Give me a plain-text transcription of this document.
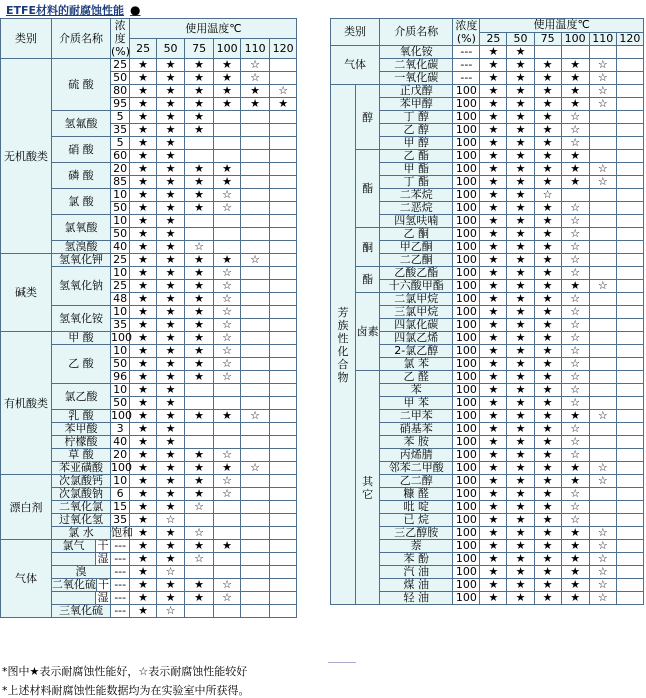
ETFE材料的耐腐蚀性能 ●
类别	介质名称	浓度 (%)	使用温度℃					
			25	50	75	100	110	120
无机酸类	硫 酸	25	★	★	★	★	☆	
		50	★	★	★	★	☆	
		80	★	★	★	★	★	☆
		95	★	★	★	★	★	★
	氢氟酸	5	★	★	★			
		35	★	★	★			
	硝 酸	5	★	★				
		60	★	★				
	磷 酸	20	★	★	★	★		
		85	★	★	★	★		
	氯 酸	10	★	★	★	☆		
		50	★	★	★	☆		
	氯氧酸	10	★	★				
		50	★	★				
	氢溴酸	40	★	★	☆			
碱类	氢氧化钾	25	★	★	★	★	☆	
	氢氧化钠	10	★	★	★	☆		
		25	★	★	★	☆		
		48	★	★	★	☆		
	氢氧化铵	10	★	★	★	☆		
		35	★	★	★	☆		
有机酸类	甲 酸	100	★	★	★	☆		
	乙 酸	10	★	★	★	☆		
		50	★	★	★	☆		
		96	★	★	★	☆		
	氯乙酸	10	★	★				
		50	★	★				
	乳 酸	100	★	★	★	★	☆	
	苯甲酸	3	★	★				
	柠檬酸	40	★	★				
	草 酸	20	★	★	★	☆		
	苯亚磺酸	100	★	★	★	★	☆	
漂白剂	次氯酸钙	10	★	★	★	☆		
	次氯酸钠	6	★	★	★	☆		
	二氧化氯	15	★	★	☆			
	过氧化氢	35	★	☆				
	氯 水	饱和	★	★	☆			
气体	氯气 干	---	★	★	★	★		

	湿	---	★	★	☆			
	溴	---	★	☆				

	二氧化硫 干	---	★	★	★	☆		

	湿	---	★	★	★	☆		
	三氧化硫	---	★	☆				
类别		介质名称	浓度 (%)	使用温度℃					
				25	50	75	100	110	120
气体		氧化铵	---	★	★				
		二氧化碳	---	★	★	★	★	☆	
		一氧化碳	---	★	★	★	★	☆	
芳 族 性 化 合 物	醇	正戊醇	100	★	★	★	★	☆	
		苯甲醇	100	★	★	★	★	☆	
		丁 醇	100	★	★	★	☆		
		乙 醇	100	★	★	★	☆		
		甲 醇	100	★	★	★	☆		
	酯	乙 酯	100	★	★	★	★		
		甲 酯	100	★	★	★	★	☆	
		丁 酯	100	★	★	★	★	☆	
		二苯烷	100	★	★	☆			
		二恶烷	100	★	★	★	☆		
		四氢呋喃	100	★	★	★	☆		
	酮	乙 酮	100	★	★	★	☆		
		甲乙酮	100	★	★	★	☆		
		二乙酮	100	★	★	★	☆		
	酯	乙酸乙酯	100	★	★	★	☆		
		十六酸甲酯	100	★	★	★	★	☆	
	卤素	二氯甲烷	100	★	★	★	☆		
		三氯甲烷	100	★	★	★	☆		
		四氯化碳	100	★	★	★	☆		
		四氯乙烯	100	★	★	★	☆		
		2-氯乙醇	100	★	★	★	☆		
		氯 苯	100	★	★	★	☆		
	其 它	乙 醛	100	★	★	★	☆		
		苯	100	★	★	★	☆		
		甲 苯	100	★	★	★	☆		
		二甲苯	100	★	★	★	★	☆	
		硝基苯	100	★	★	★	☆		
		苯 胺	100	★	★	★	☆		
		丙烯腈	100	★	★	★	☆		
		邻苯二甲酸	100	★	★	★	★	☆	
		乙二醇	100	★	★	★	★	☆	
		糠 醛	100	★	★	★	☆		
		吡 啶	100	★	★	★	☆		
		已 烷	100	★	★	★	☆		
		三乙醇胺	100	★	★	★	★	☆	
		萘	100	★	★	★	★	☆	
		苯 酚	100	★	★	★	★	☆	
		汽 油	100	★	★	★	★	☆	
		煤 油	100	★	★	★	★	☆	
		轻 油	100	★	★	★	★	☆	
*图中★表示耐腐蚀性能好，☆表示耐腐蚀性能较好
*上述材料耐腐蚀性能数据均为在实验室中所获得。
